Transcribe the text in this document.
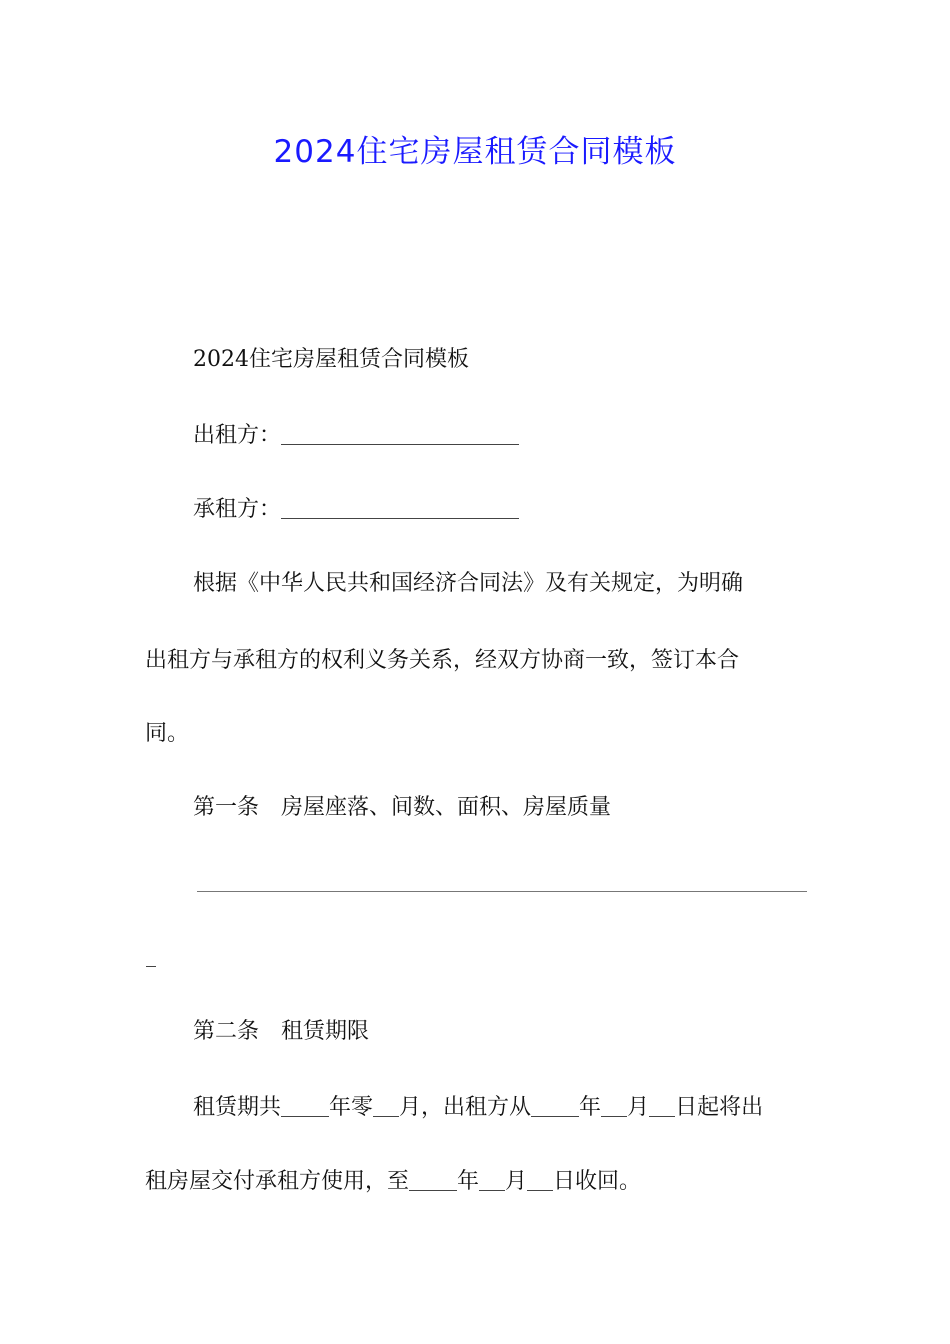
2024住宅房屋租赁合同模板
2024住宅房屋租赁合同模板
出租方：
承租方：
根据《中华人民共和国经济合同法》及有关规定，为明确
出租方与承租方的权利义务关系，经双方协商一致，签订本合
同。
第一条　房屋座落、间数、面积、房屋质量
第二条　租赁期限
租赁期共 年零 月，出租方从 年 月 日起将出
租房屋交付承租方使用，至 年 月 日收回。
